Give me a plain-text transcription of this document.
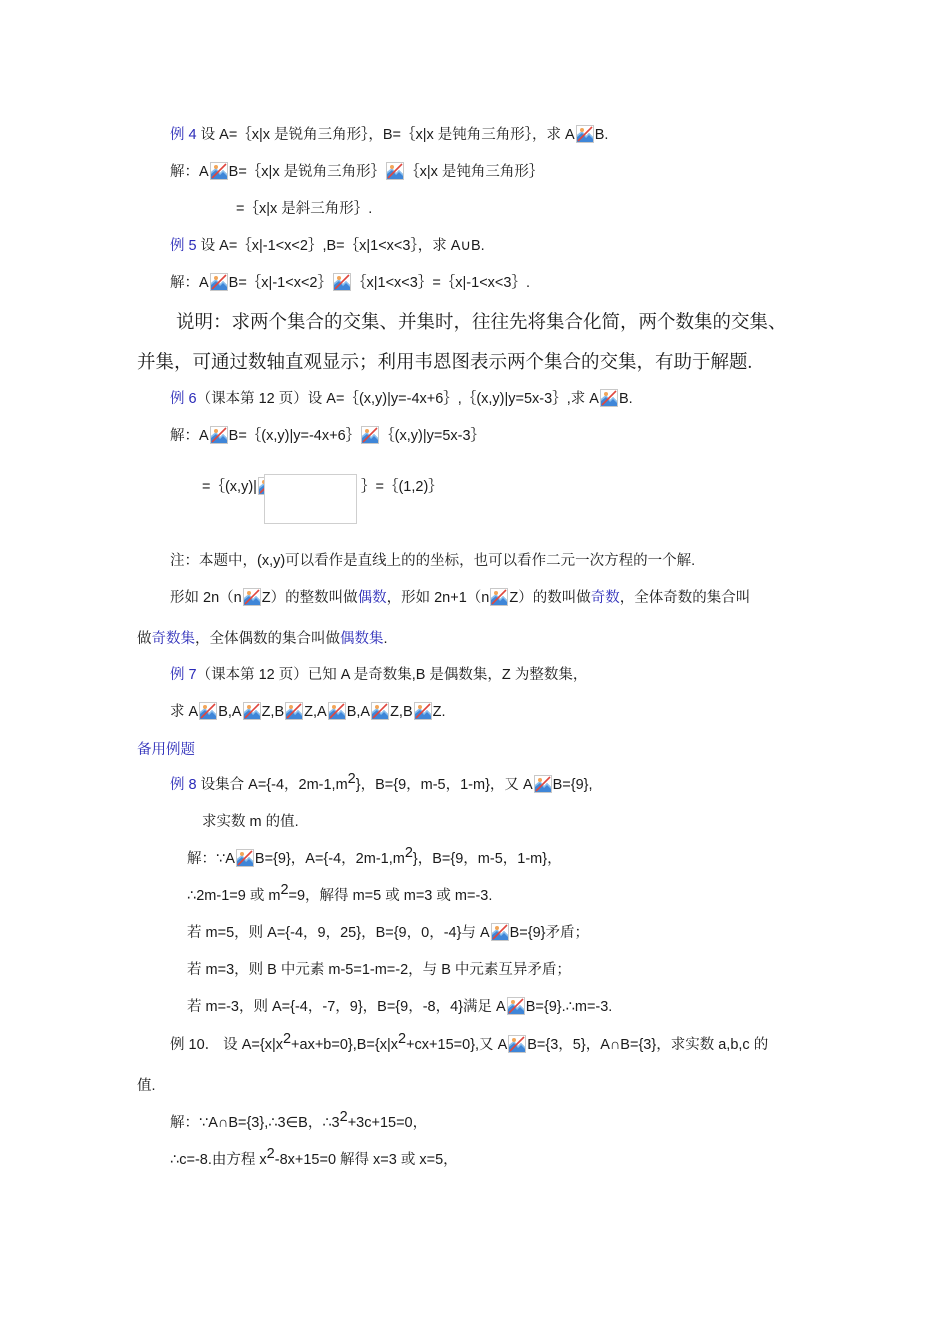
例 4 设 A=｛x|x 是锐角三角形｝，B=｛x|x 是钝角三角形｝，求 A B.
解：A B=｛x|x 是锐角三角形｝ ｛x|x 是钝角三角形｝
=｛x|x 是斜三角形｝.
例 5 设 A=｛x|-1<x<2｝,B=｛x|1<x<3｝，求 A∪B.
解：A B=｛x|-1<x<2｝ ｛x|1<x<3｝=｛x|-1<x<3｝.
说明：求两个集合的交集、并集时，往往先将集合化简，两个数集的交集、
并集，可通过数轴直观显示；利用韦恩图表示两个集合的交集，有助于解题.
例 6（课本第 12 页）设 A=｛(x,y)|y=-4x+6｝,｛(x,y)|y=5x-3｝,求 A B.
解：A B=｛(x,y)|y=-4x+6｝ ｛(x,y)|y=5x-3｝
=｛(x,y)|	｝=｛(1,2)｝
注：本题中，(x,y)可以看作是直线上的的坐标，也可以看作二元一次方程的一个解.
形如 2n（n Z）的整数叫做偶数，形如 2n+1（n Z）的数叫做奇数，全体奇数的集合叫
做奇数集，全体偶数的集合叫做偶数集.
例 7（课本第 12 页）已知 A 是奇数集,B 是偶数集，Z 为整数集，
求 A B,A Z,B Z,A B,A Z,B Z.
备用例题
例 8 设集合 A={-4，$2m-1,m^2$}，B={9，m-5，1-m}，又 A B={9},
求实数 m 的值.
解：∵A B={9}，A={-4，$2m-1,m^2$}，B={9，m-5，1-m}，
∴2m-1=9 或 $m^2=9$，解得 m=5 或 m=3 或 m=-3.
若 m=5，则 A={-4，9，25}，B={9，0，-4}与 A B={9}矛盾；
若 m=3，则 B 中元素 m-5=1-m=-2，与 B 中元素互异矛盾；
若 m=-3，则 A={-4，-7，9}，B={9，-8，4}满足 A B={9}.∴m=-3.
例 10． 设 $A=\{x|x^2+ax+b=0\},B=\{x|x^2+cx+15=0\}$,又 A B={3，5}，A∩B={3}，求实数 a,b,c 的
值.
解：∵A∩B={3},∴3∈B，$\therefore 3^2+3c+15=0$，
∴c=-8.由方程 $x^2-8x+15=0$ 解得 x=3 或 x=5，
